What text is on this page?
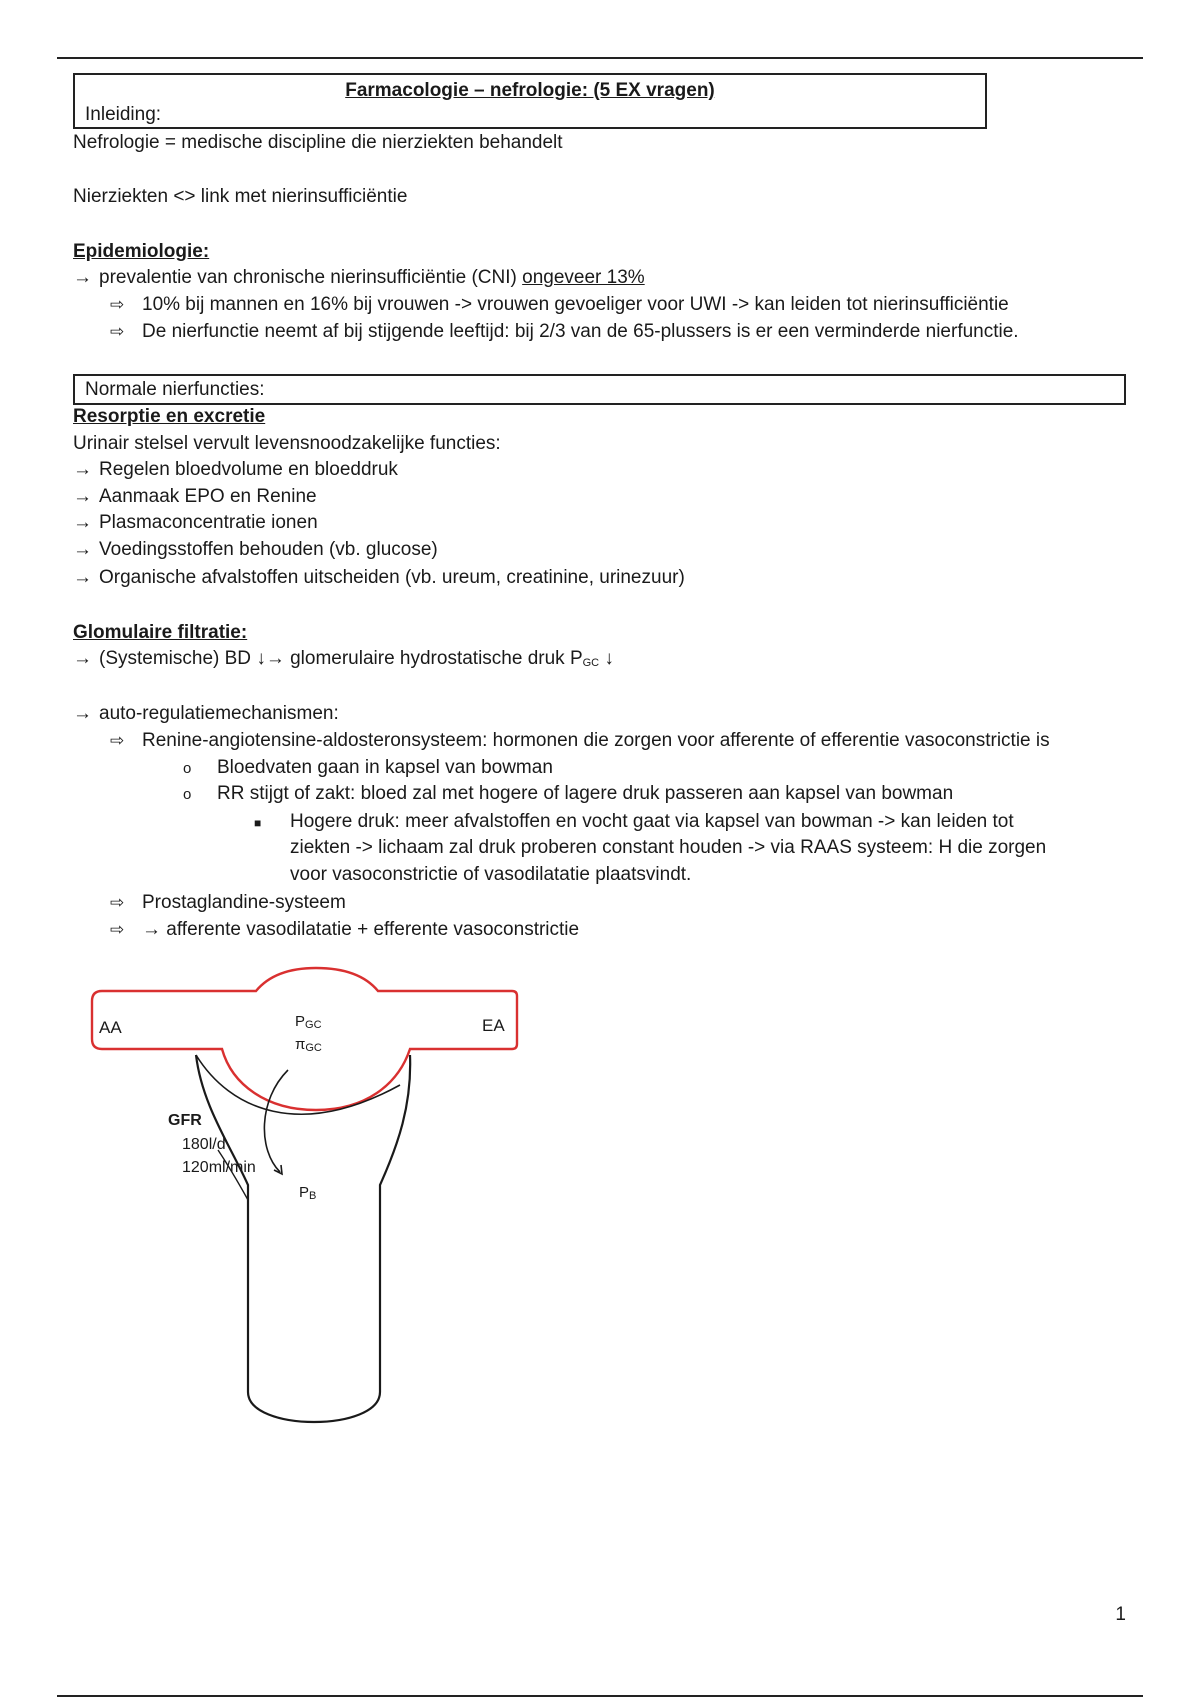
Farmacologie – nefrologie: (5 EX vragen)
Inleiding:
Nefrologie = medische discipline die nierziekten behandelt
Nierziekten <> link met nierinsufficiëntie
Epidemiologie:
→ prevalentie van chronische nierinsufficiëntie (CNI) ongeveer 13%
⇨ 10% bij mannen en 16% bij vrouwen -> vrouwen gevoeliger voor UWI -> kan leiden tot nierinsufficiëntie
⇨ De nierfunctie neemt af bij stijgende leeftijd: bij 2/3 van de 65-plussers is er een verminderde nierfunctie.
Normale nierfuncties:
Resorptie en excretie
Urinair stelsel vervult levensnoodzakelijke functies:
→ Regelen bloedvolume en bloeddruk
→ Aanmaak EPO en Renine
→ Plasmaconcentratie ionen
→ Voedingsstoffen behouden (vb. glucose)
→ Organische afvalstoffen uitscheiden (vb. ureum, creatinine, urinezuur)
Glomulaire filtratie:
→ (Systemische) BD ↓→ glomerulaire hydrostatische druk $P_{GC}$ ↓
→ auto-regulatiemechanismen:
⇨ Renine-angiotensine-aldosteronsysteem: hormonen die zorgen voor afferente of efferentie vasoconstrictie is
o Bloedvaten gaan in kapsel van bowman
o RR stijgt of zakt: bloed zal met hogere of lagere druk passeren aan kapsel van bowman
■ Hogere druk: meer afvalstoffen en vocht gaat via kapsel van bowman -> kan leiden tot
ziekten -> lichaam zal druk proberen constant houden -> via RAAS systeem: H die zorgen
voor vasoconstrictie of vasodilatatie plaatsvindt.
⇨ Prostaglandine-systeem
⇨ → afferente vasodilatatie + efferente vasoconstrictie
AA	EA
$P_{GC}$
$\pi_{GC}$
GFR
180l/d
120ml/min
$P_B$
1
